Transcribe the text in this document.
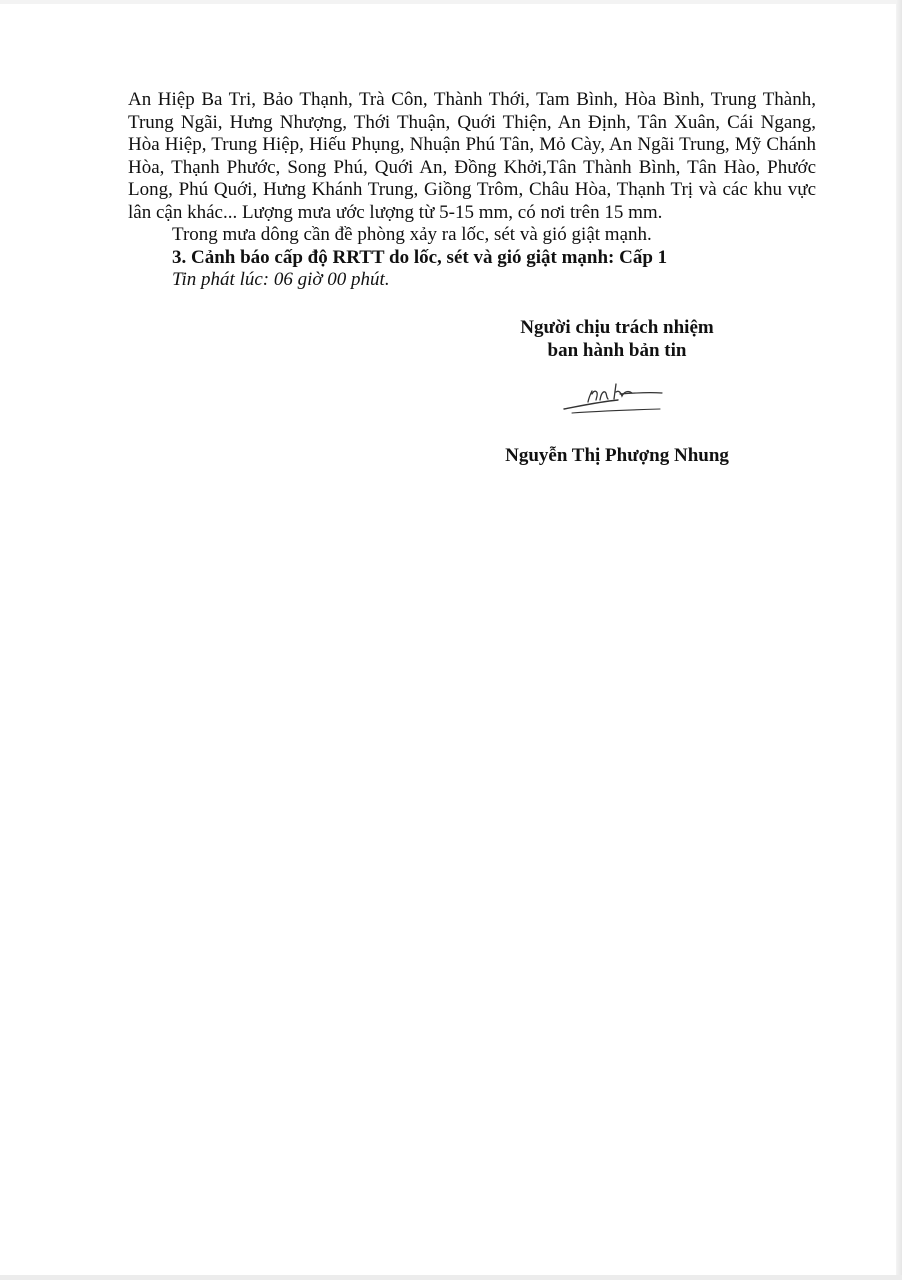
An Hiệp Ba Tri, Bảo Thạnh, Trà Côn, Thành Thới, Tam Bình, Hòa Bình, Trung Thành, Trung Ngãi, Hưng Nhượng, Thới Thuận, Quới Thiện, An Định, Tân Xuân, Cái Ngang, Hòa Hiệp, Trung Hiệp, Hiếu Phụng, Nhuận Phú Tân, Mỏ Cày, An Ngãi Trung, Mỹ Chánh Hòa, Thạnh Phước, Song Phú, Quới An, Đồng Khởi,Tân Thành Bình, Tân Hào, Phước Long, Phú Quới, Hưng Khánh Trung, Giồng Trôm, Châu Hòa, Thạnh Trị và các khu vực lân cận khác... Lượng mưa ước lượng từ 5-15 mm, có nơi trên 15 mm.

Trong mưa dông cần đề phòng xảy ra lốc, sét và gió giật mạnh.

3. Cảnh báo cấp độ RRTT do lốc, sét và gió giật mạnh: Cấp 1

Tin phát lúc: 06 giờ 00 phút.

Người chịu trách nhiệm

ban hành bản tin

Nguyễn Thị Phượng Nhung
